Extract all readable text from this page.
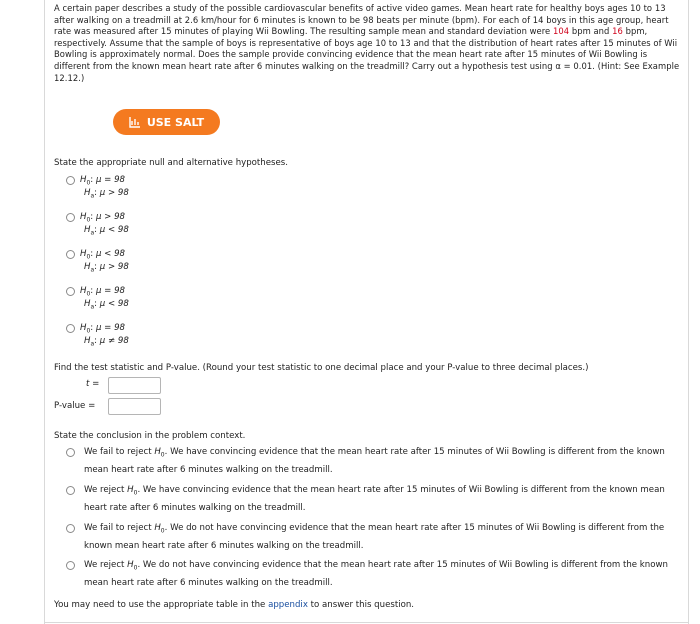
A certain paper describes a study of the possible cardiovascular benefits of active video games. Mean heart rate for healthy boys ages 10 to 13 after walking on a treadmill at 2.6 km/hour for 6 minutes is known to be 98 beats per minute (bpm). For each of 14 boys in this age group, heart rate was measured after 15 minutes of playing Wii Bowling. The resulting sample mean and standard deviation were 104 bpm and 16 bpm, respectively. Assume that the sample of boys is representative of boys age 10 to 13 and that the distribution of heart rates after 15 minutes of Wii Bowling is approximately normal. Does the sample provide convincing evidence that the mean heart rate after 15 minutes of Wii Bowling is different from the known mean heart rate after 6 minutes walking on the treadmill? Carry out a hypothesis test using α = 0.01. (Hint: See Example 12.12.)
USE SALT
State the appropriate null and alternative hypotheses.
$H_0$: μ = 98
$H_a$: μ > 98
$H_0$: μ > 98
$H_a$: μ < 98
$H_0$: μ < 98
$H_a$: μ > 98
$H_0$: μ = 98
$H_a$: μ < 98
$H_0$: μ = 98
$H_a$: μ ≠ 98
Find the test statistic and P-value. (Round your test statistic to one decimal place and your P-value to three decimal places.)
t =
P-value =
State the conclusion in the problem context.
We fail to reject $H_0$. We have convincing evidence that the mean heart rate after 15 minutes of Wii Bowling is different from the known mean heart rate after 6 minutes walking on the treadmill.
We reject $H_0$. We have convincing evidence that the mean heart rate after 15 minutes of Wii Bowling is different from the known mean heart rate after 6 minutes walking on the treadmill.
We fail to reject $H_0$. We do not have convincing evidence that the mean heart rate after 15 minutes of Wii Bowling is different from the known mean heart rate after 6 minutes walking on the treadmill.
We reject $H_0$. We do not have convincing evidence that the mean heart rate after 15 minutes of Wii Bowling is different from the known mean heart rate after 6 minutes walking on the treadmill.
You may need to use the appropriate table in the appendix to answer this question.
